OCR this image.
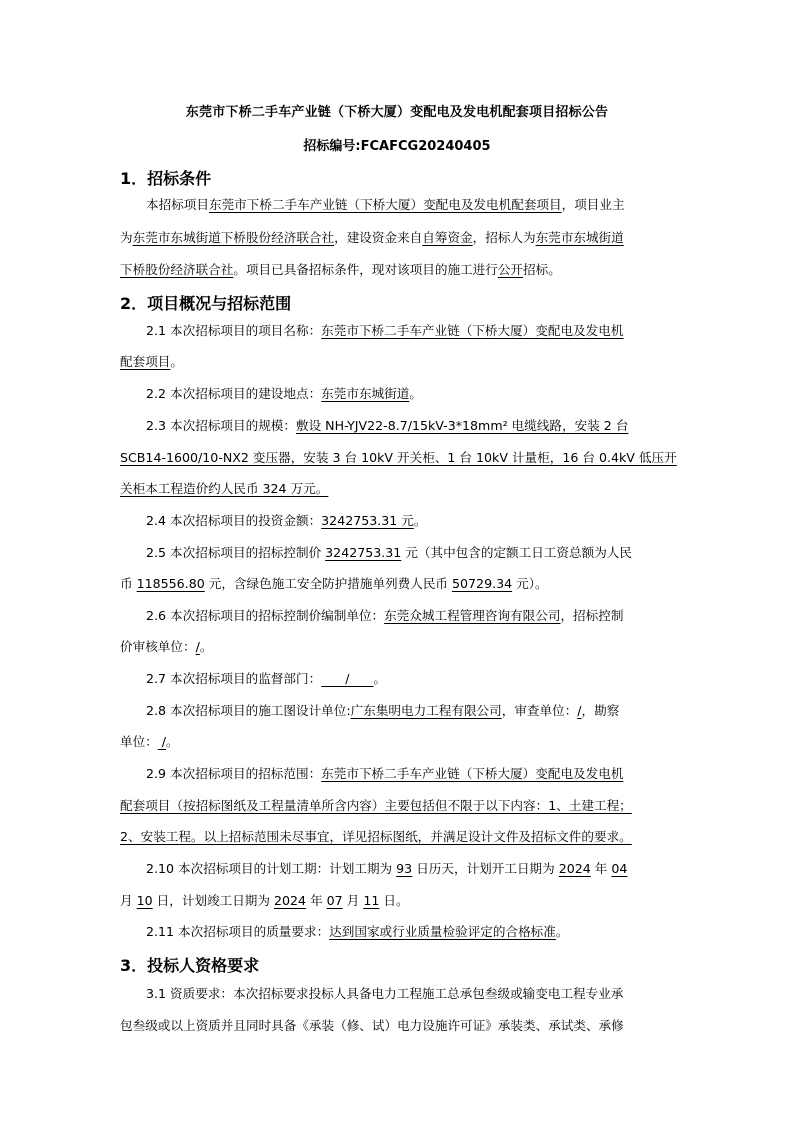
东莞市下桥二手车产业链（下桥大厦）变配电及发电机配套项目招标公告
招标编号:FCAFCG20240405
1．招标条件
本招标项目东莞市下桥二手车产业链（下桥大厦）变配电及发电机配套项目，项目业主
为东莞市东城街道下桥股份经济联合社，建设资金来自自筹资金，招标人为东莞市东城街道
下桥股份经济联合社。项目已具备招标条件，现对该项目的施工进行公开招标。
2．项目概况与招标范围
2.1 本次招标项目的项目名称：东莞市下桥二手车产业链（下桥大厦）变配电及发电机
配套项目。
2.2 本次招标项目的建设地点：东莞市东城街道。
2.3 本次招标项目的规模：敷设 NH-YJV22-8.7/15kV-3*18mm² 电缆线路，安装 2 台
SCB14-1600/10-NX2 变压器，安装 3 台 10kV 开关柜、1 台 10kV 计量柜，16 台 0.4kV 低压开
关柜本工程造价约人民币 324 万元。
2.4 本次招标项目的投资金额：3242753.31 元。
2.5 本次招标项目的招标控制价 3242753.31 元（其中包含的定额工日工资总额为人民
币 118556.80 元，含绿色施工安全防护措施单列费人民币 50729.34 元）。
2.6 本次招标项目的招标控制价编制单位：东莞众城工程管理咨询有限公司，招标控制
价审核单位：/。
2.7 本次招标项目的监督部门：      /      。
2.8 本次招标项目的施工图设计单位:广东集明电力工程有限公司，审查单位：/，勘察
单位： /。
2.9 本次招标项目的招标范围：东莞市下桥二手车产业链（下桥大厦）变配电及发电机
配套项目（按招标图纸及工程量清单所含内容）主要包括但不限于以下内容：1、土建工程；
2、安装工程。以上招标范围未尽事宜，详见招标图纸，并满足设计文件及招标文件的要求。
2.10 本次招标项目的计划工期：计划工期为 93 日历天，计划开工日期为 2024 年 04
月 10 日，计划竣工日期为 2024 年 07 月 11 日。
2.11 本次招标项目的质量要求：达到国家或行业质量检验评定的合格标准。
3．投标人资格要求
3.1 资质要求：本次招标要求投标人具备电力工程施工总承包叁级或输变电工程专业承
包叁级或以上资质并且同时具备《承装（修、试）电力设施许可证》承装类、承试类、承修
